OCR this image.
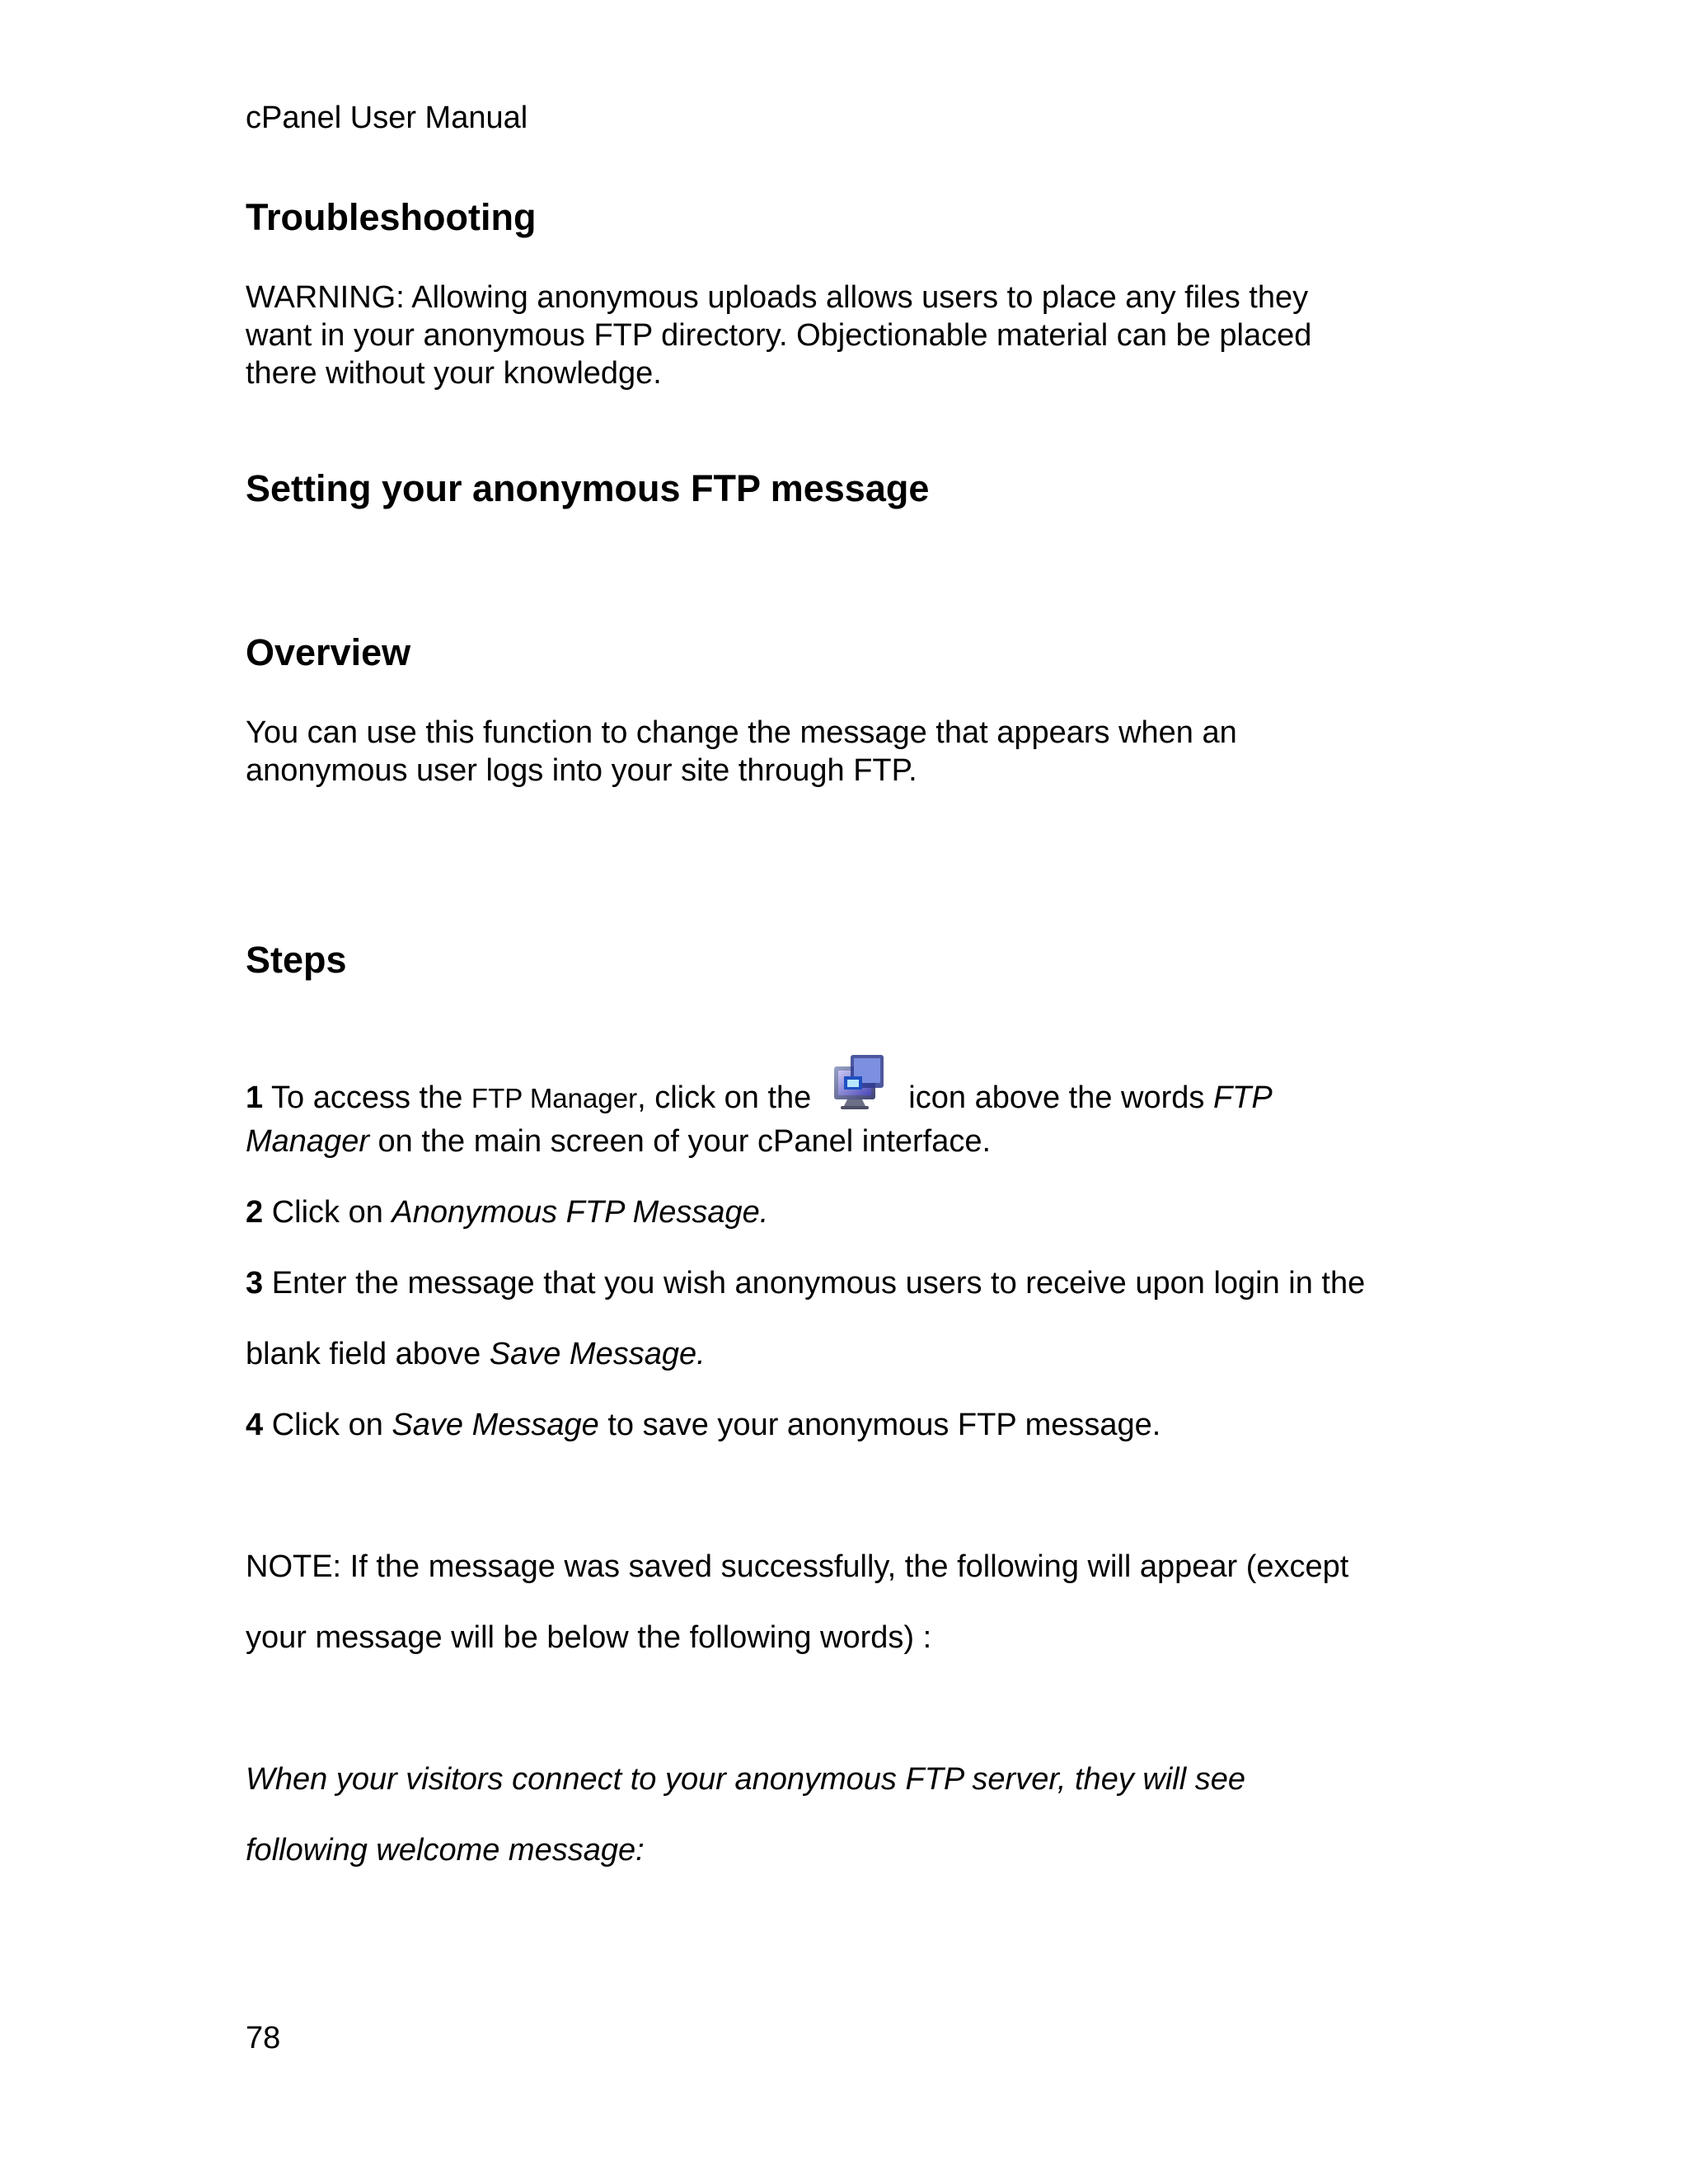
cPanel User Manual

Troubleshooting
WARNING: Allowing anonymous uploads allows users to place any files they
want in your anonymous FTP directory. Objectionable material can be placed
there without your knowledge.
Setting your anonymous FTP message
Overview
You can use this function to change the message that appears when an
anonymous user logs into your site through FTP.
Steps
1 To access the FTP Manager, click on the	icon above the words FTP
Manager on the main screen of your cPanel interface.
2 Click on Anonymous FTP Message.
3 Enter the message that you wish anonymous users to receive upon login in the
blank field above Save Message.
4 Click on Save Message to save your anonymous FTP message.
NOTE: If the message was saved successfully, the following will appear (except
your message will be below the following words) :
When your visitors connect to your anonymous FTP server, they will see
following welcome message:

78
